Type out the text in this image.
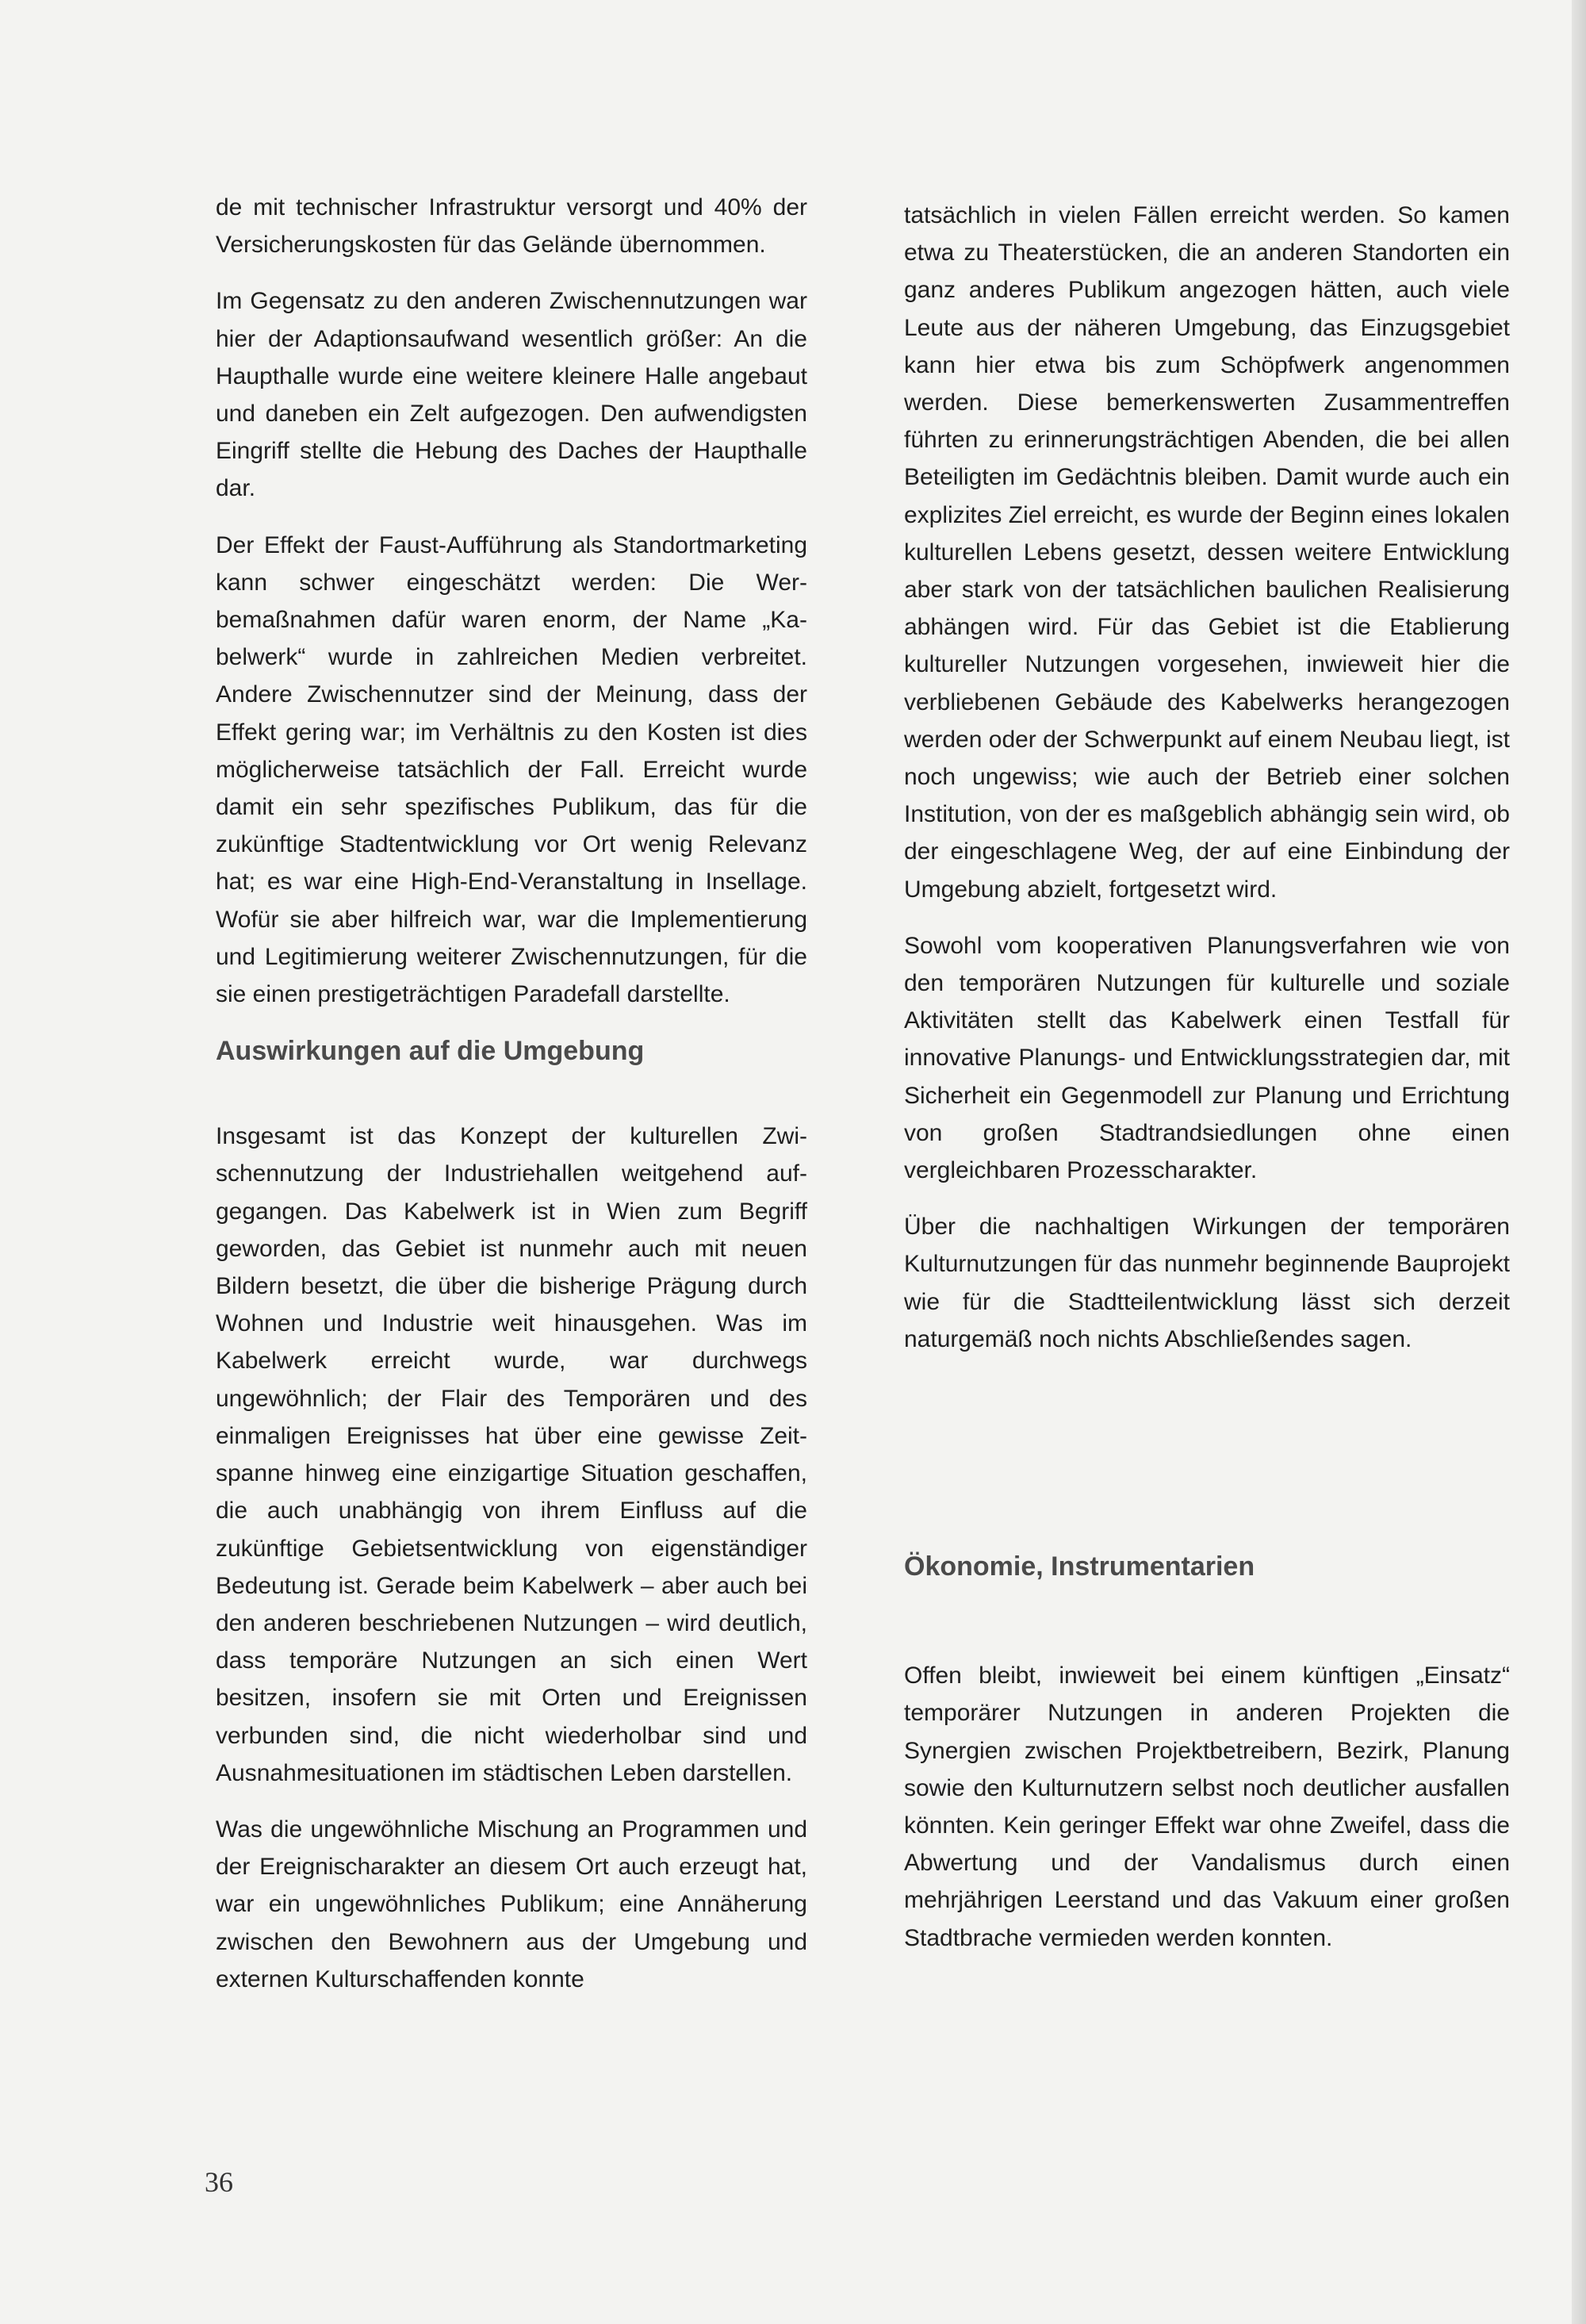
de mit technischer Infrastruktur versorgt und 40% der Versicherungskosten für das Gelände übernommen.

Im Gegensatz zu den anderen Zwischennutzungen war hier der Adaptionsaufwand wesentlich größer: An die Haupthalle wurde eine weitere kleinere Halle angebaut und daneben ein Zelt aufgezogen. Den aufwendigsten Eingriff stellte die Hebung des Daches der Haupthalle dar.

Der Effekt der Faust-Aufführung als Standortmarketing kann schwer eingeschätzt werden: Die Werbemaßnahmen dafür waren enorm, der Name „Kabelwerk“ wurde in zahlreichen Medien verbreitet. Andere Zwischennutzer sind der Meinung, dass der Effekt gering war; im Verhältnis zu den Kosten ist dies möglicherweise tatsächlich der Fall. Erreicht wurde damit ein sehr spezifisches Publikum, das für die zukünftige Stadtentwicklung vor Ort wenig Relevanz hat; es war eine High-End-Veranstaltung in Insellage. Wofür sie aber hilfreich war, war die Implementierung und Legitimierung weiterer Zwischennutzungen, für die sie einen prestigeträchtigen Paradefall darstellte.

Auswirkungen auf die Umgebung

Insgesamt ist das Konzept der kulturellen Zwischennutzung der Industriehallen weitgehend aufgegangen. Das Kabelwerk ist in Wien zum Begriff geworden, das Gebiet ist nunmehr auch mit neuen Bildern besetzt, die über die bisherige Prägung durch Wohnen und Industrie weit hinausgehen. Was im Kabelwerk erreicht wurde, war durchwegs ungewöhnlich; der Flair des Temporären und des einmaligen Ereignisses hat über eine gewisse Zeitspanne hinweg eine einzigartige Situation geschaffen, die auch unabhängig von ihrem Einfluss auf die zukünftige Gebietsentwicklung von eigenständiger Bedeutung ist. Gerade beim Kabelwerk – aber auch bei den anderen beschriebenen Nutzungen – wird deutlich, dass temporäre Nutzungen an sich einen Wert besitzen, insofern sie mit Orten und Ereignissen verbunden sind, die nicht wiederholbar sind und Ausnahmesituationen im städtischen Leben darstellen.

Was die ungewöhnliche Mischung an Programmen und der Ereignischarakter an diesem Ort auch erzeugt hat, war ein ungewöhnliches Publikum; eine Annäherung zwischen den Bewohnern aus der Umgebung und externen Kulturschaffenden konnte

tatsächlich in vielen Fällen erreicht werden. So kamen etwa zu Theaterstücken, die an anderen Standorten ein ganz anderes Publikum angezogen hätten, auch viele Leute aus der näheren Umgebung, das Einzugsgebiet kann hier etwa bis zum Schöpfwerk angenommen werden. Diese bemerkenswerten Zusammentreffen führten zu erinnerungsträchtigen Abenden, die bei allen Beteiligten im Gedächtnis bleiben. Damit wurde auch ein explizites Ziel erreicht, es wurde der Beginn eines lokalen kulturellen Lebens gesetzt, dessen weitere Entwicklung aber stark von der tatsächlichen baulichen Realisierung abhängen wird. Für das Gebiet ist die Etablierung kultureller Nutzungen vorgesehen, inwieweit hier die verbliebenen Gebäude des Kabelwerks herangezogen werden oder der Schwerpunkt auf einem Neubau liegt, ist noch ungewiss; wie auch der Betrieb einer solchen Institution, von der es maßgeblich abhängig sein wird, ob der eingeschlagene Weg, der auf eine Einbindung der Umgebung abzielt, fortgesetzt wird.

Sowohl vom kooperativen Planungsverfahren wie von den temporären Nutzungen für kulturelle und soziale Aktivitäten stellt das Kabelwerk einen Testfall für innovative Planungs- und Entwicklungsstrategien dar, mit Sicherheit ein Gegenmodell zur Planung und Errichtung von großen Stadtrandsiedlungen ohne einen vergleichbaren Prozesscharakter.

Über die nachhaltigen Wirkungen der temporären Kulturnutzungen für das nunmehr beginnende Bauprojekt wie für die Stadtteilentwicklung lässt sich derzeit naturgemäß noch nichts Abschließendes sagen.

Ökonomie, Instrumentarien

Offen bleibt, inwieweit bei einem künftigen „Einsatz“ temporärer Nutzungen in anderen Projekten die Synergien zwischen Projektbetreibern, Bezirk, Planung sowie den Kulturnutzern selbst noch deutlicher ausfallen könnten. Kein geringer Effekt war ohne Zweifel, dass die Abwertung und der Vandalismus durch einen mehrjährigen Leerstand und das Vakuum einer großen Stadtbrache vermieden werden konnten.

36
